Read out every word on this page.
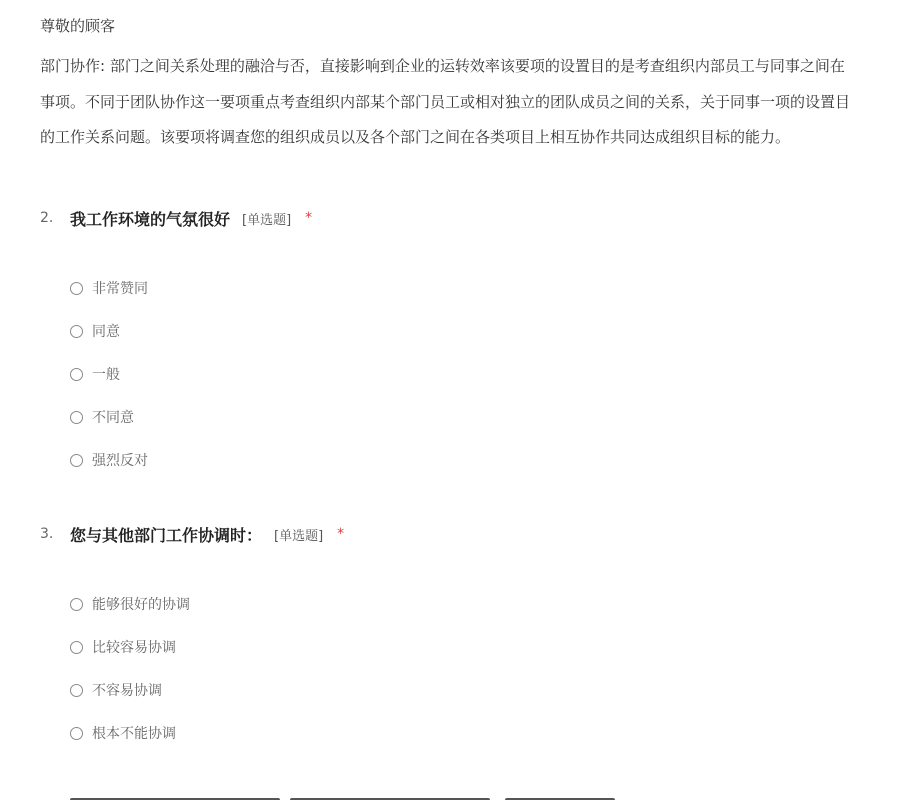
尊敬的顾客
部门协作: 部门之间关系处理的融洽与否，直接影响到企业的运转效率该要项的设置目的是考查组织内部员工与同事之间在
事项。不同于团队协作这一要项重点考查组织内部某个部门员工或相对独立的团队成员之间的关系，关于同事一项的设置目
的工作关系问题。该要项将调查您的组织成员以及各个部门之间在各类项目上相互协作共同达成组织目标的能力。
2.	我工作环境的气氛很好 [单选题] *
非常赞同
同意
一般
不同意
强烈反对
3.	您与其他部门工作协调时： [单选题] *
能够很好的协调
比较容易协调
不容易协调
根本不能协调
